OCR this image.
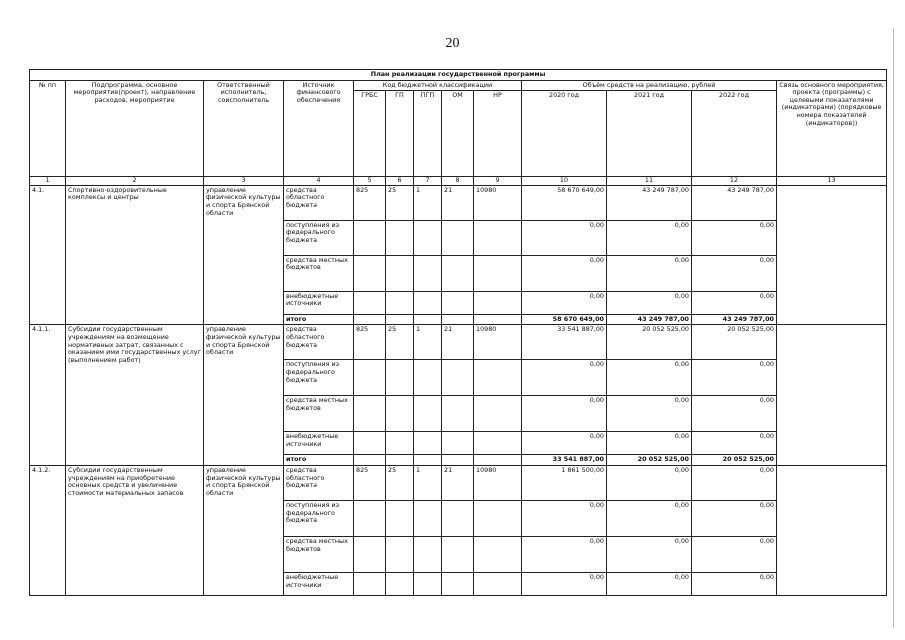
20
План реализации государственной программы												
№ пп	Подпрограмма, основное мероприятие(проект), направление расходов, мероприятие	Ответственный исполнитель, соисполнитель	Источник финансового обеспечения	Код бюджетной классификации					Объём средств на реализацию, рублей			Связь основного мероприятия, проекта (программы) с целевыми показателями (индикаторами) (порядковые номера показателей (индикаторов))
				ГРБС	ГП	ПГП	ОМ	НР	2020 год	2021 год	2022 год	
1	2	3	4	5	6	7	8	9	10	11	12	13
4.1.	Спортивно-оздоровительные комплексы и центры	управление физической культуры и спорта Брянской области	средства областного бюджета	825	25	1	21	10980	58 670 649,00	43 249 787,00	43 249 787,00	
			поступления из федерального бюджета						0,00	0,00	0,00	
			средства местных бюджетов						0,00	0,00	0,00	
			внебюджетные источники						0,00	0,00	0,00	
			итого						58 670 649,00	43 249 787,00	43 249 787,00	
4.1.1.	Субсидии государственным учреждениям на возмещение нормативных затрат, связанных с оказанием ими государственных услуг (выполнением работ)	управление физической культуры и спорта Брянской области	средства областного бюджета	825	25	1	21	10980	33 541 887,00	20 052 525,00	20 052 525,00	
			поступления из федерального бюджета						0,00	0,00	0,00	
			средства местных бюджетов						0,00	0,00	0,00	
			внебюджетные источники						0,00	0,00	0,00	
			итого						33 541 887,00	20 052 525,00	20 052 525,00	
4.1.2.	Субсидии государственным учреждениям на приобретение основных средств и увеличение стоимости материальных запасов	управление физической культуры и спорта Брянской области	средства областного бюджета	825	25	1	21	10980	1 861 500,00	0,00	0,00	
			поступления из федерального бюджета						0,00	0,00	0,00	
			средства местных бюджетов						0,00	0,00	0,00	
			внебюджетные источники						0,00	0,00	0,00	
